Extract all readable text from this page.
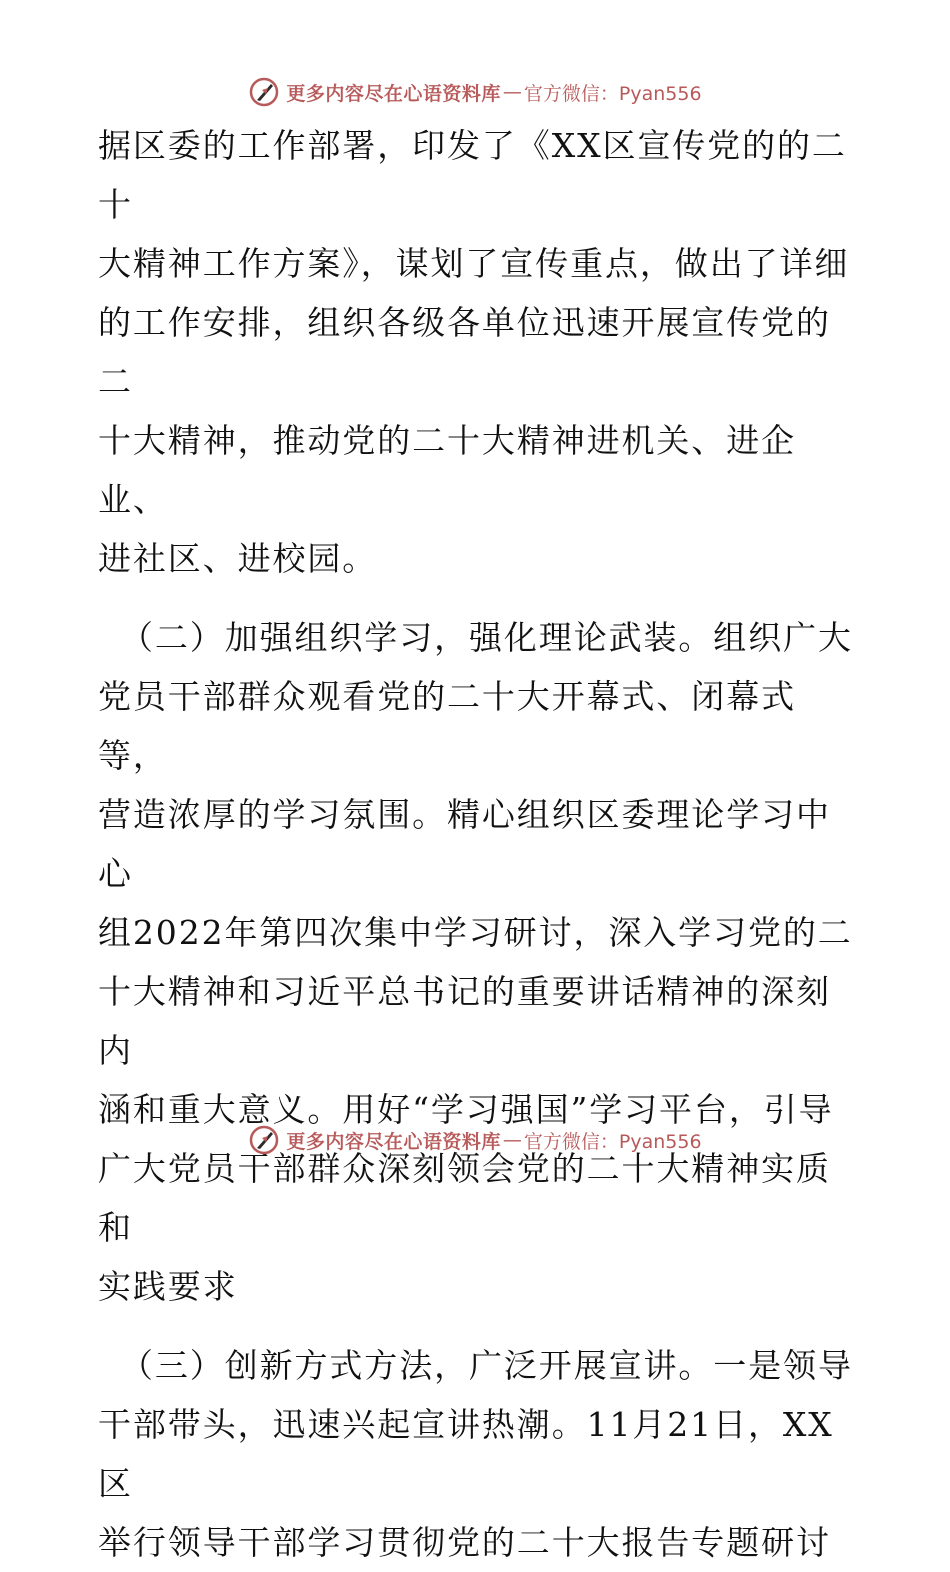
更多内容尽在心语资料库 — 官方微信：Pyan556

据区委的工作部署，印发了《XX区宣传党的的二十
大精神工作方案》，谋划了宣传重点，做出了详细
的工作安排，组织各级各单位迅速开展宣传党的二
十大精神，推动党的二十大精神进机关、进企业、
进社区、进校园。

（二）加强组织学习，强化理论武装。组织广大
党员干部群众观看党的二十大开幕式、闭幕式等，
营造浓厚的学习氛围。精心组织区委理论学习中心
组2022年第四次集中学习研讨，深入学习党的二
十大精神和习近平总书记的重要讲话精神的深刻内
涵和重大意义。用好“学习强国”学习平台，引导
广大党员干部群众深刻领会党的二十大精神实质和
实践要求

（三）创新方式方法，广泛开展宣讲。一是领导
干部带头，迅速兴起宣讲热潮。11月21日，XX区
举行领导干部学习贯彻党的二十大报告专题研讨

更多内容尽在心语资料库 — 官方微信：Pyan556
